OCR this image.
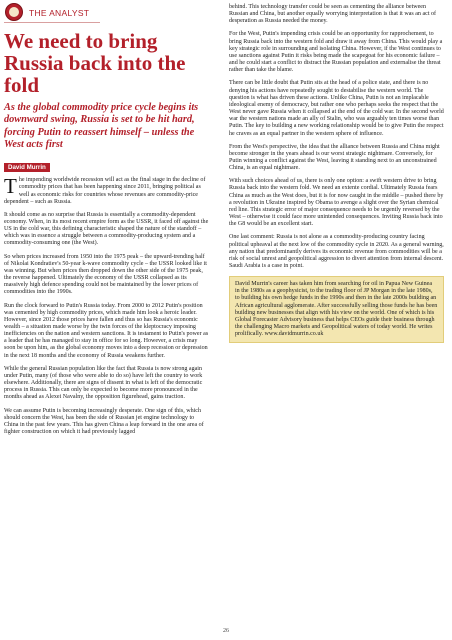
THE ANALYST
We need to bring Russia back into the fold
As the global commodity price cycle begins its downward swing, Russia is set to be hit hard, forcing Putin to reassert himself – unless the West acts first
David Murrin

The impending worldwide recession will act as the final stage in the decline of commodity prices that has been happening since 2011, bringing political as well as economic risks for countries whose revenues are commodity-price dependent – such as Russia.

It should come as no surprise that Russia is essentially a commodity-dependent economy. When, in its most recent empire form as the USSR, it faced off against the US in the cold war, this defining characteristic shaped the nature of the standoff – which was in essence a struggle between a commodity-producing system and a commodity-consuming one (the West).

So when prices increased from 1950 into the 1975 peak – the upward-trending half of Nikolai Kondratiev's 50-year k-wave commodity cycle – the USSR looked like it was winning. But when prices then dropped down the other side of the 1975 peak, the reverse happened. Ultimately the economy of the USSR collapsed as its massively high defence spending could not be maintained by the lower prices of commodities into the 1990s.

Run the clock forward to Putin's Russia today. From 2000 to 2012 Putin's position was cemented by high commodity prices, which made him look a heroic leader. However, since 2012 those prices have fallen and thus so has Russia's economic wealth – a situation made worse by the twin forces of the kleptocracy imposing inefficiencies on the nation and western sanctions. It is testament to Putin's power as a leader that he has managed to stay in office for so long. However, a crisis may soon be upon him, as the global economy moves into a deep recession or depression in the next 18 months and the economy of Russia weakens further.

While the general Russian population like the fact that Russia is now strong again under Putin, many (of those who were able to do so) have left the country to work elsewhere. Additionally, there are signs of dissent in what is left of the democratic process in Russia. This can only be expected to become more pronounced in the months ahead as Alexei Navalny, the opposition figurehead, gains traction.

We can assume Putin is becoming increasingly desperate. One sign of this, which should concern the West, has been the side of Russian jet engine technology to China in the past few years. This has given China a leap forward in the one area of fighter construction on which it had previously lagged

behind. This technology transfer could be seen as cementing the alliance between Russian and China, but another equally worrying interpretation is that it was an act of desperation as Russia needed the money.

For the West, Putin's impending crisis could be an opportunity for rapprochement, to bring Russia back into the western fold and draw it away from China. This would play a key strategic role in surrounding and isolating China. However, if the West continues to use sanctions against Putin it risks being made the scapegoat for his economic failure – and he could start a conflict to distract the Russian population and externalise the threat rather than take the blame.

There can be little doubt that Putin sits at the head of a police state, and there is no denying his actions have repeatedly sought to destabilise the western world. The question is what has driven these actions. Unlike China, Putin is not an implacable ideological enemy of democracy, but rather one who perhaps seeks the respect that the West never gave Russia when it collapsed at the end of the cold war. In the second world war the western nations made an ally of Stalin, who was arguably ten times worse than Putin. The key to building a new working relationship would be to give Putin the respect he craves as an equal partner in the western sphere of influence.

From the West's perspective, the idea that the alliance between Russia and China might become stronger in the years ahead is our worst strategic nightmare. Conversely, for Putin winning a conflict against the West, leaving it standing next to an unconstrained China, is an equal nightmare.

With such choices ahead of us, there is only one option: a swift western drive to bring Russia back into the western fold. We need an extente cordial. Ultimately Russia fears China as much as the West does, but it is for now caught in the middle – pushed there by a revolution in Ukraine inspired by Obama to avenge a slight over the Syrian chemical red line. This strategic error of major consequence needs to be urgently reversed by the West – otherwise it could face more unintended consequences. Inviting Russia back into the G8 would be an excellent start.

One last comment: Russia is not alone as a commodity-producing country facing political upheaval at the next low of the commodity cycle in 2020. As a general warning, any nation that predominantly derives its economic revenue from commodities will be a risk of social unrest and geopolitical aggression to divert attention from internal descent. Saudi Arabia is a case in point.

David Murrin's career has taken him from searching for oil in Papua New Guinea in the 1980s as a geophysicist, to the trading floor of JP Morgan in the late 1980s, to building his own hedge funds in the 1990s and then in the late 2000s building an African agricultural agglomerate. After successfully selling those funds he has been building new businesses that align with his view on the world. One of which is his Global Forecaster Advisory business that helps CEOs guide their business through the challenging Macro markets and Geopolitical waters of today world. He writes prolifically. www.davidmurrin.co.uk

26
